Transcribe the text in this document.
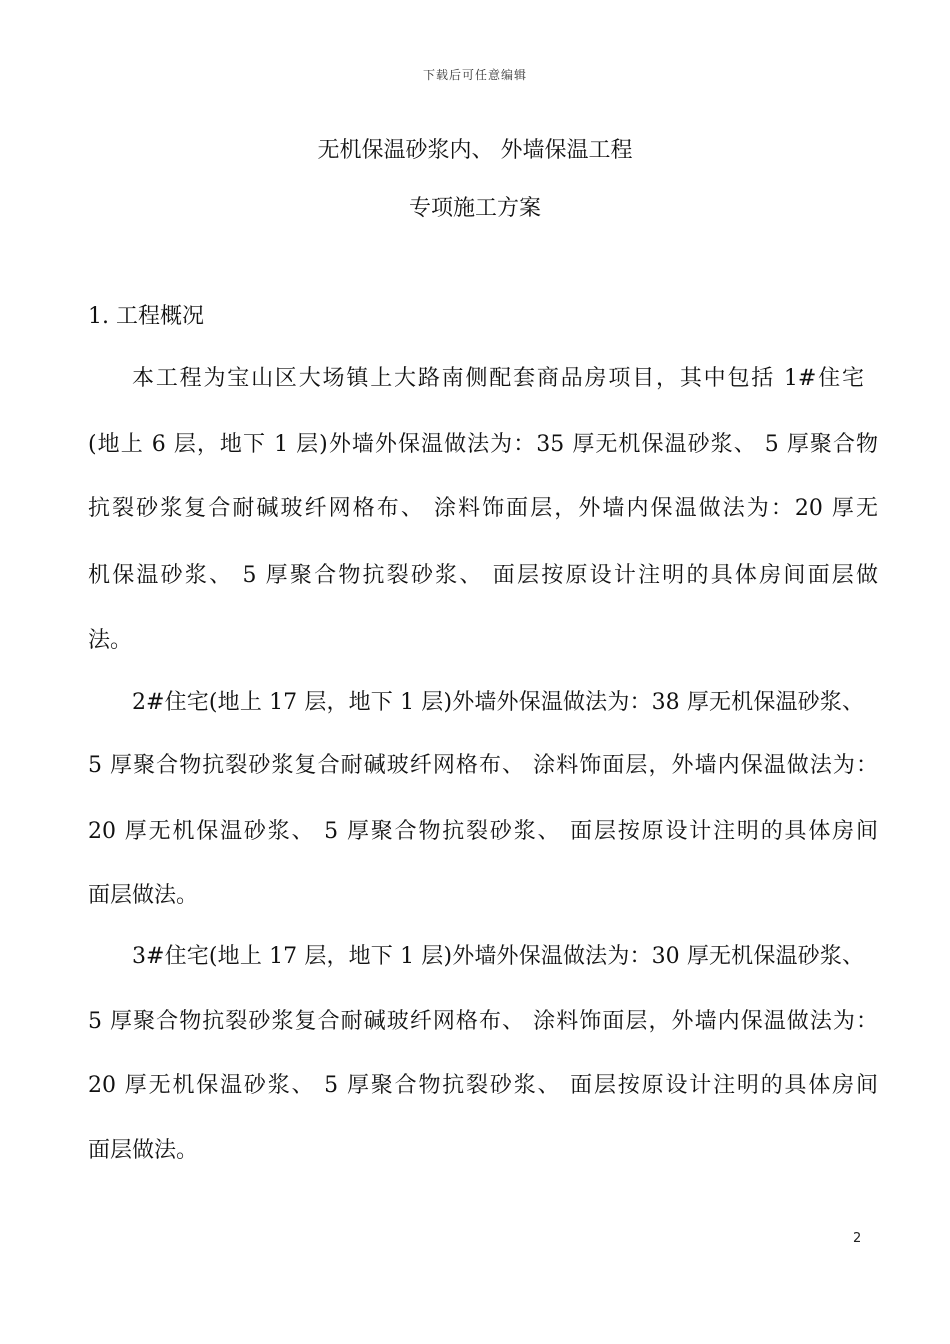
下载后可任意编辑
无机保温砂浆内、 外墙保温工程
专项施工方案
1. 工程概况
本工程为宝山区大场镇上大路南侧配套商品房项目，其中包括 1#住宅
(地上 6 层，地下 1 层)外墙外保温做法为：35 厚无机保温砂浆、 5 厚聚合物
抗裂砂浆复合耐碱玻纤网格布、 涂料饰面层，外墙内保温做法为：20 厚无
机保温砂浆、 5 厚聚合物抗裂砂浆、 面层按原设计注明的具体房间面层做
法。
2#住宅(地上 17 层，地下 1 层)外墙外保温做法为：38 厚无机保温砂浆、
5 厚聚合物抗裂砂浆复合耐碱玻纤网格布、 涂料饰面层，外墙内保温做法为：
20 厚无机保温砂浆、 5 厚聚合物抗裂砂浆、 面层按原设计注明的具体房间
面层做法。
3#住宅(地上 17 层，地下 1 层)外墙外保温做法为：30 厚无机保温砂浆、
5 厚聚合物抗裂砂浆复合耐碱玻纤网格布、 涂料饰面层，外墙内保温做法为：
20 厚无机保温砂浆、 5 厚聚合物抗裂砂浆、 面层按原设计注明的具体房间
面层做法。
2
